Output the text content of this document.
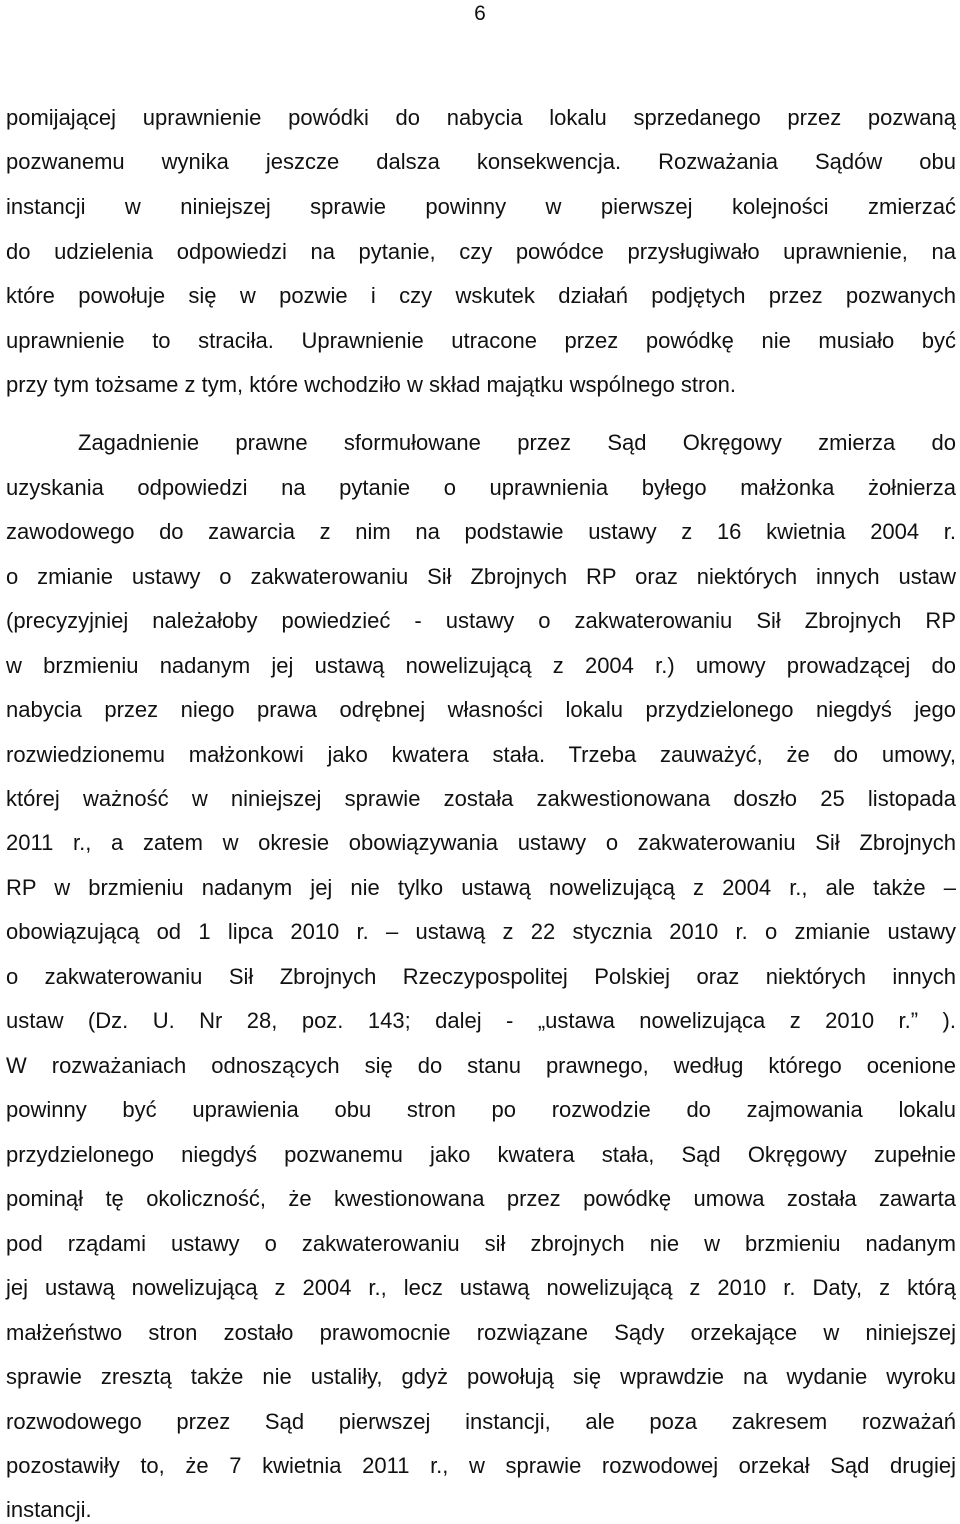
6
pomijającej uprawnienie powódki do nabycia lokalu sprzedanego przez pozwaną
pozwanemu wynika jeszcze dalsza konsekwencja. Rozważania Sądów obu
instancji w niniejszej sprawie powinny w pierwszej kolejności zmierzać
do udzielenia odpowiedzi na pytanie, czy powódce przysługiwało uprawnienie, na
które powołuje się w pozwie i czy wskutek działań podjętych przez pozwanych
uprawnienie to straciła. Uprawnienie utracone przez powódkę nie musiało być
przy tym tożsame z tym, które wchodziło w skład majątku wspólnego stron.
Zagadnienie prawne sformułowane przez Sąd Okręgowy zmierza do
uzyskania odpowiedzi na pytanie o uprawnienia byłego małżonka żołnierza
zawodowego do zawarcia z nim na podstawie ustawy z 16 kwietnia 2004 r.
o zmianie ustawy o zakwaterowaniu Sił Zbrojnych RP oraz niektórych innych ustaw
(precyzyjniej należałoby powiedzieć - ustawy o zakwaterowaniu Sił Zbrojnych RP
w brzmieniu nadanym jej ustawą nowelizującą z 2004 r.) umowy prowadzącej do
nabycia przez niego prawa odrębnej własności lokalu przydzielonego niegdyś jego
rozwiedzionemu małżonkowi jako kwatera stała. Trzeba zauważyć, że do umowy,
której ważność w niniejszej sprawie została zakwestionowana doszło 25 listopada
2011 r., a zatem w okresie obowiązywania ustawy o zakwaterowaniu Sił Zbrojnych
RP w brzmieniu nadanym jej nie tylko ustawą nowelizującą z 2004 r., ale także –
obowiązującą od 1 lipca 2010 r. – ustawą z 22 stycznia 2010 r. o zmianie ustawy
o zakwaterowaniu Sił Zbrojnych Rzeczypospolitej Polskiej oraz niektórych innych
ustaw (Dz. U. Nr 28, poz. 143; dalej - „ustawa nowelizująca z 2010 r.” ).
W rozważaniach odnoszących się do stanu prawnego, według którego ocenione
powinny być uprawienia obu stron po rozwodzie do zajmowania lokalu
przydzielonego niegdyś pozwanemu jako kwatera stała, Sąd Okręgowy zupełnie
pominął tę okoliczność, że kwestionowana przez powódkę umowa została zawarta
pod rządami ustawy o zakwaterowaniu sił zbrojnych nie w brzmieniu nadanym
jej ustawą nowelizującą z 2004 r., lecz ustawą nowelizującą z 2010 r. Daty, z którą
małżeństwo stron zostało prawomocnie rozwiązane Sądy orzekające w niniejszej
sprawie zresztą także nie ustaliły, gdyż powołują się wprawdzie na wydanie wyroku
rozwodowego przez Sąd pierwszej instancji, ale poza zakresem rozważań
pozostawiły to, że 7 kwietnia 2011 r., w sprawie rozwodowej orzekał Sąd drugiej
instancji.
